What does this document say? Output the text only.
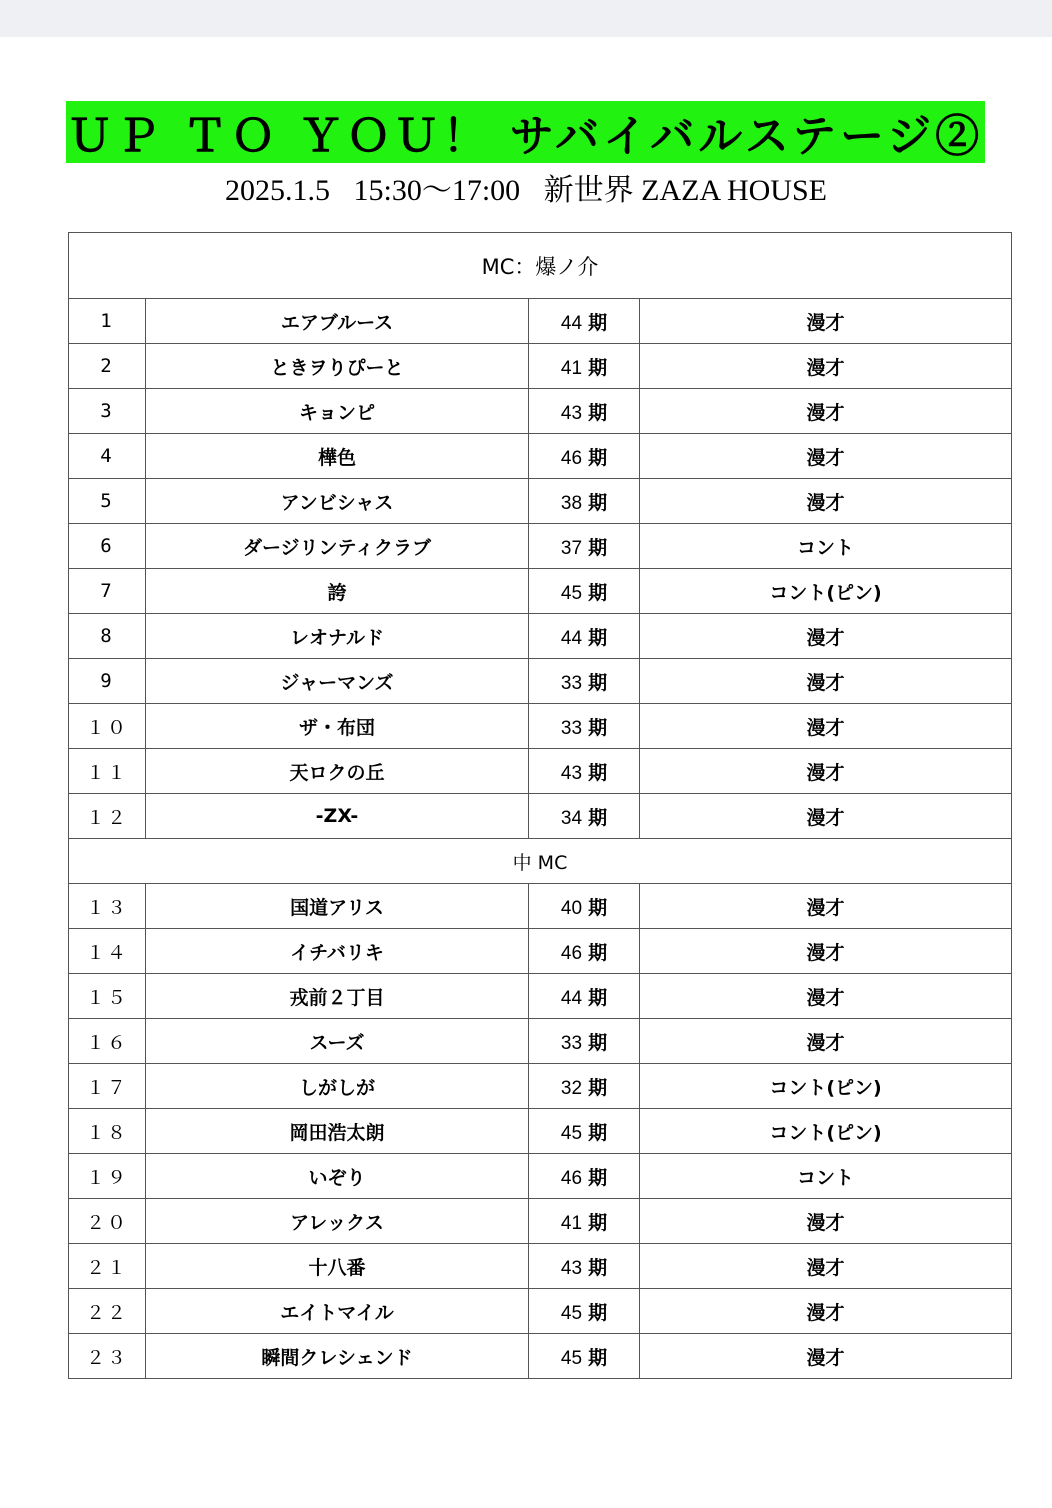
ＵＰ ＴＯ ＹＯＵ！ サバイバルステージ②
2025.1.5 15:30～17:00 新世界 ZAZA HOUSE
MC：爆ノ介			
1	エアブルース	44 期	漫才
2	ときヲりぴーと	41 期	漫才
3	キョンピ	43 期	漫才
4	樺色	46 期	漫才
5	アンビシャス	38 期	漫才
6	ダージリンティクラブ	37 期	コント
7	誇	45 期	コント(ピン)
8	レオナルド	44 期	漫才
9	ジャーマンズ	33 期	漫才
１０	ザ・布団	33 期	漫才
１１	天ロクの丘	43 期	漫才
１２	-ZX-	34 期	漫才
中 MC			
１３	国道アリス	40 期	漫才
１４	イチバリキ	46 期	漫才
１５	戎前２丁目	44 期	漫才
１６	スーズ	33 期	漫才
１７	しがしが	32 期	コント(ピン)
１８	岡田浩太朗	45 期	コント(ピン)
１９	いぞり	46 期	コント
２０	アレックス	41 期	漫才
２１	十八番	43 期	漫才
２２	エイトマイル	45 期	漫才
２３	瞬間クレシェンド	45 期	漫才
